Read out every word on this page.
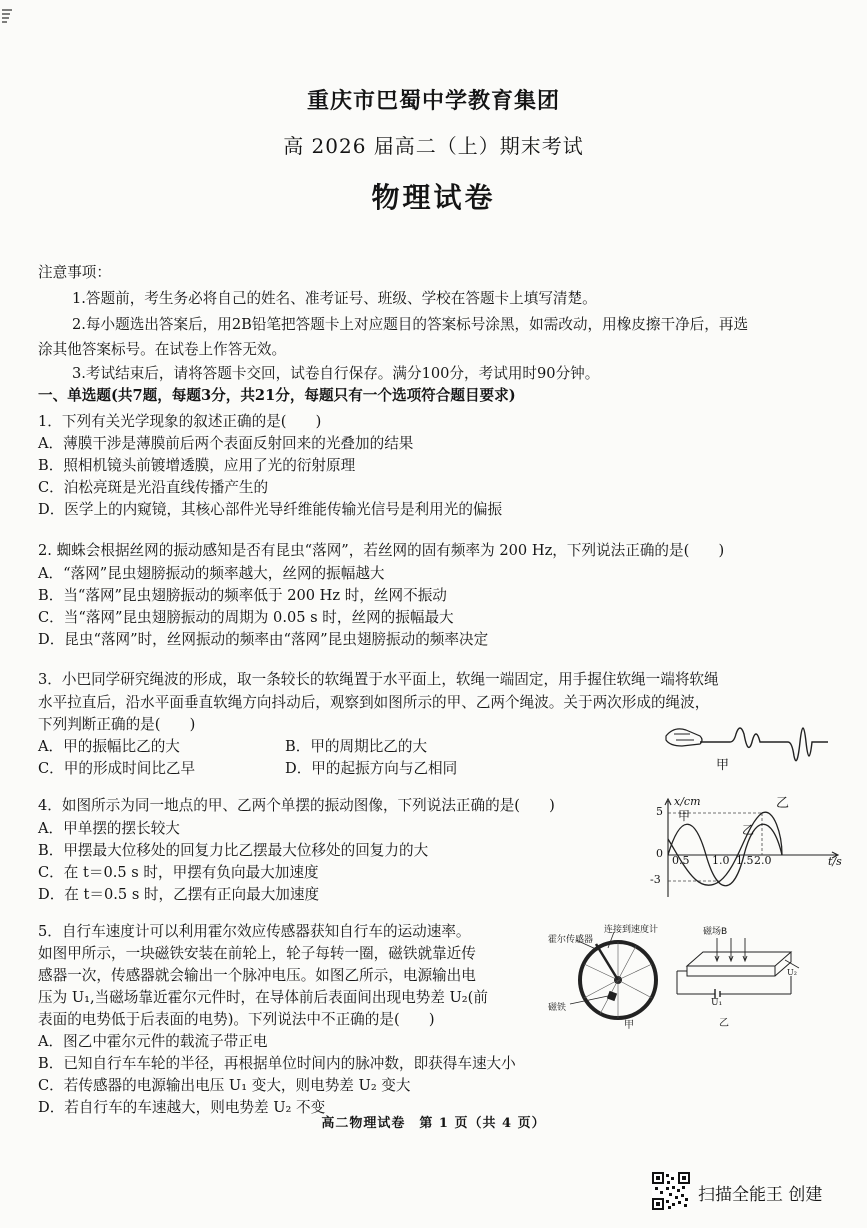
重庆市巴蜀中学教育集团
高 2026 届高二（上）期末考试
物理试卷
注意事项：
1.答题前，考生务必将自己的姓名、准考证号、班级、学校在答题卡上填写清楚。
2.每小题选出答案后，用2B铅笔把答题卡上对应题目的答案标号涂黑，如需改动，用橡皮擦干净后，再选
涂其他答案标号。在试卷上作答无效。
3.考试结束后，请将答题卡交回，试卷自行保存。满分100分，考试用时90分钟。
一、单选题(共7题，每题3分，共21分，每题只有一个选项符合题目要求)
1．下列有关光学现象的叙述正确的是(　　)
A．薄膜干涉是薄膜前后两个表面反射回来的光叠加的结果
B．照相机镜头前镀增透膜，应用了光的衍射原理
C．泊松亮斑是光沿直线传播产生的
D．医学上的内窥镜，其核心部件光导纤维能传输光信号是利用光的偏振
2. 蜘蛛会根据丝网的振动感知是否有昆虫“落网”，若丝网的固有频率为 200 Hz，下列说法正确的是(　　)
A．“落网”昆虫翅膀振动的频率越大，丝网的振幅越大
B．当“落网”昆虫翅膀振动的频率低于 200 Hz 时，丝网不振动
C．当“落网”昆虫翅膀振动的周期为 0.05 s 时，丝网的振幅最大
D．昆虫“落网”时，丝网振动的频率由“落网”昆虫翅膀振动的频率决定
3．小巴同学研究绳波的形成，取一条较长的软绳置于水平面上，软绳一端固定，用手握住软绳一端将软绳
水平拉直后，沿水平面垂直软绳方向抖动后，观察到如图所示的甲、乙两个绳波。关于两次形成的绳波，
下列判断正确的是(　　)
A．甲的振幅比乙的大	B．甲的周期比乙的大
C．甲的形成时间比乙早	D．甲的起振方向与乙相同	甲
乙
4．如图所示为同一地点的甲、乙两个单摆的振动图像，下列说法正确的是(　　)
A．甲单摆的摆长较大
B．甲摆最大位移处的回复力比乙摆最大位移处的回复力的大
C．在 t＝0.5 s 时，甲摆有负向最大加速度
D．在 t＝0.5 s 时，乙摆有正向最大加速度
x/cm
甲
乙
5
-3
0
0.5 1.0 1.5 2.0	t/s
5．自行车速度计可以利用霍尔效应传感器获知自行车的运动速率。
如图甲所示，一块磁铁安装在前轮上，轮子每转一圈，磁铁就靠近传
感器一次，传感器就会输出一个脉冲电压。如图乙所示，电源输出电
压为 U₁,当磁场靠近霍尔元件时，在导体前后表面间出现电势差 U₂(前
表面的电势低于后表面的电势)。下列说法中不正确的是(　　)
A．图乙中霍尔元件的载流子带正电
B．已知自行车车轮的半径，再根据单位时间内的脉冲数，即获得车速大小
C．若传感器的电源输出电压 U₁ 变大，则电势差 U₂ 变大
D．若自行车的车速越大，则电势差 U₂ 不变
霍尔传感器
连接到速度计
磁铁
甲
磁场B
U₁
U₂
乙
高二物理试卷　第 1 页（共 4 页）
扫描全能王 创建
